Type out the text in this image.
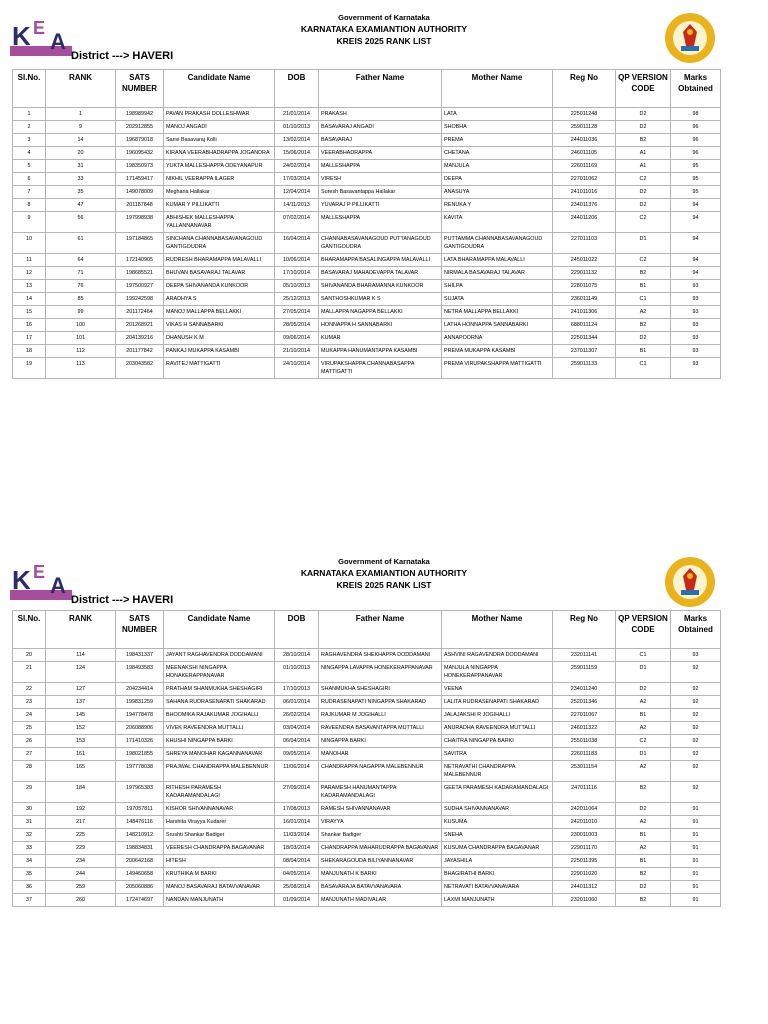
K E
A
Government of Karnataka
KARNATAKA EXAMIANTION AUTHORITY
KREIS 2025 RANK LIST
District ---> HAVERI
Sl.No.	RANK	SATS NUMBER	Candidate Name	DOB	Father Name	Mother Name	Reg No	QP VERSION CODE	Marks Obtained
1	1	198989942	PAVAN PRAKASH DOLLESHWAR	21/01/2014	PRAKASH	LATA	225011248	D2	98
2	9	202912855	MANOJ ANGADI	01/10/2013	BASAVARAJ ANGADI	SHOBHA	259011128	D2	96
3	14	196879018	Sanvi Basavaraj Kolli	13/02/2014	BASAVARAJ	PREMA	244011036	B2	96
4	20	196095432	KIRANA VEERABHADRAPPA JOGANDRA	15/06/2014	VEERABHADRAPPA	CHETANA	246011105	A1	96
5	31	198350973	YUKTA MALLESHAPPA ODEYANAPUR	24/02/2014	MALLESHAPPA	MANJULA	226011169	A1	95
6	33	171459417	NIKHIL VEERAPPA ILAGER	17/03/2014	VIRESH	DEEPA	227011062	C2	95
7	35	149078009	Meghana Hallakar	12/04/2014	Suresh Basavantappa Hallakar	ANASUYA	241011016	D2	95
8	47	201187848	KUMAR Y PILLIKATTI	14/11/2013	YUVARAJ P PILLIKATTI	RENUKA Y	234011376	D2	94
9	56	197998938	ABHISHEK MALLESHAPPA YALLANNANAVAR	07/02/2014	MALLESHAPPA	KAVITA	244011206	C2	94
10	61	197184865	SINCHANA CHANNABASAVANAGOUD GANTIGOUDRA	16/04/2014	CHANNABASAVANAGOUD PUTTANAGOUD GANTIGOUDRA	PUTTAMMA CHANNABASAVANAGOUD GANTIGOUDRA	227011103	D1	94
11	64	172140905	RUDRESH BHARAMAPPA MALAVALLI	10/06/2014	BHARAMAPPA BASALINGAPPA MALAVALLI	LATA BHARAMAPPA MALAVALLI	245011022	C2	94
12	71	198685521	BHUVAN BASAVARAJ TALAVAR	17/10/2014	BASAVARAJ MAHADEVAPPA TALAVAR	NIRMALA BASAVARAJ TALAVAR	229011132	B2	94
13	76	197500927	DEEPA SHIVANANDA KUNKOOR	05/10/2013	SHIVANANDA BHARAMANNA KUNKOOR	SHILPA	228011075	B1	93
14	85	199242598	ARADHYA S	25/12/2013	SANTHOSHKUMAR K S	SUJATA	236011149	C1	93
15	99	201172464	MANOJ MALLAPPA BELLAKKI	27/05/2014	MALLAPPA NAGAPPA BELLAKKI	NETRA MALLAPPA BELLAKKI	241011306	A2	93
16	100	201268921	VIKAS H SANNABARKI	28/05/2014	HONNAPPA H SANNABARKI	LATHA HONNAPPA SANNABARKI	688011124	B2	93
17	101	204139216	DHANUSH K M	09/06/2014	KUMAR	ANNAPOORNA	225011344	D2	93
18	112	201177842	PANKAJ MUKAPPA KASAMBI	21/10/2014	MUKAPPA HANUMANTAPPA KASAMBI	PREMA MUKAPPA KASAMBI	237011307	B1	93
19	113	203043582	RAVITEJ MATTIGATTI	24/10/2014	VIRUPAKSHAPPA CHANNABASAPPA MATTIGATTI	PREMA VIRUPAKSHAPPA MATTIGATTI	259011133	C1	93
K E
A
Government of Karnataka
KARNATAKA EXAMIANTION AUTHORITY
KREIS 2025 RANK LIST
District ---> HAVERI
Sl.No.	RANK	SATS NUMBER	Candidate Name	DOB	Father Name	Mother Name	Reg No	QP VERSION CODE	Marks Obtained
20	114	198431337	JAYANT RAGHAVENDRA DODDAMANI	28/10/2014	RAGHAVENDRA SHEKHAPPA DODDAMANI	ASHVINI RAGAVENDRA DODDAMANI	232011141	C1	93
21	124	198493583	MEENAKSHI NINGAPPA HONAKERAPPANAVAR	01/10/2013	NINGAPPA LAVAPPA HONEKERAPPANAVAR	MANJULA NINGAPPA HONEKERAPPANAVAR	259011159	D1	92
22	127	204234414	PRATHAM SHANMUKHA SHESHAGIRI	17/10/2013	SHANMUKHA SHESHAGIRI	VEENA	234011240	D2	92
23	137	199831259	SAHANA RUDRASENAPATI SHAKARAD	06/01/2014	RUDRASENAPATI NINGAPPA SHAKARAD	LALITA RUDRASENAPATI SHAKARAD	252011346	A2	92
24	145	194778478	BHOOMIKA RAJAKUMAR JOGIHALLI	26/02/2014	RAJKUMAR M JOGIHALLI	JALAJAKSHI R JOGIHALLI	227011067	B1	92
25	152	206088906	VIVEK RAVEENDRA MUTTALLI	03/04/2014	RAVEENDRA BASAVANTAPPA MUTTALLI	ANURADHA RAVEENDRA MUTTALLI	246011322	A2	92
26	153	171410326	KHUSHI NINGAPPA BARKI	06/04/2014	NINGAPPA BARKI	CHAITRA NINGAPPA BARKI	255011038	C2	92
27	161	198021855	SHREYA MANOHAR KAGANNANAVAR	09/05/2014	MANOHAR	SAVITRA	226011183	D1	92
28	165	197778038	PRAJWAL CHANDRAPPA MALEBENNUR	11/06/2014	CHANDRAPPA NAGAPPA MALEBENNUR	NETRAVATHI CHANDRAPPA MALEBENNUR	253011154	A2	92
29	184	197965383	RITHESH PARAMESH KADARAMANDALAGI	27/09/2014	PARAMESH HANUMANTAPPA KADARAMANDALAGI	GEETA PARAMESH KADARAMANDALAGI	247011116	B2	92
30	192	197057811	KISHOR SHIVANNANAVAR	17/08/2013	RAMESH SHIVANNANAVAR	SUDHA SHIVANNANAVAR	242011064	D2	91
31	217	148476116	Harshita Virayya Kudarer	16/01/2014	VIRAYYA	KUSUMA	242011010	A2	91
32	225	148210912	Srushti Shankar Badiger	11/03/2014	Shankar Badiger	SNEHA	230011003	B1	91
33	229	198834831	VEERESH CHANDRAPPA BAGAVANAR	18/03/2014	CHANDRAPPA MAHARUDRAPPA BAGAVANAR	KUSUMA CHANDRAPPA BAGAVANAR	229011170	A2	91
34	234	200642168	HITESH	08/04/2014	SHEKARAGOUDA BILIYANNANAVAR	JAYASHILA	225011395	B1	91
35	244	149460658	KRUTHIKA M BARKI	04/05/2014	MANJUNATH K BARKI	BHAGIRATHI BARKI	229011020	B2	91
36	259	205060886	MANOJ BASAVARAJ BATAVVANAVAR	25/08/2014	BASAVARAJA BATAVVANAVARA	NETRAVATI BATAVVANAVARA	244011312	D2	91
37	260	172474697	NANDAN MANJUNATH	01/09/2014	MANJUNATH MADIVALAR	LAXMI MANJUNATH	232011060	B2	91
